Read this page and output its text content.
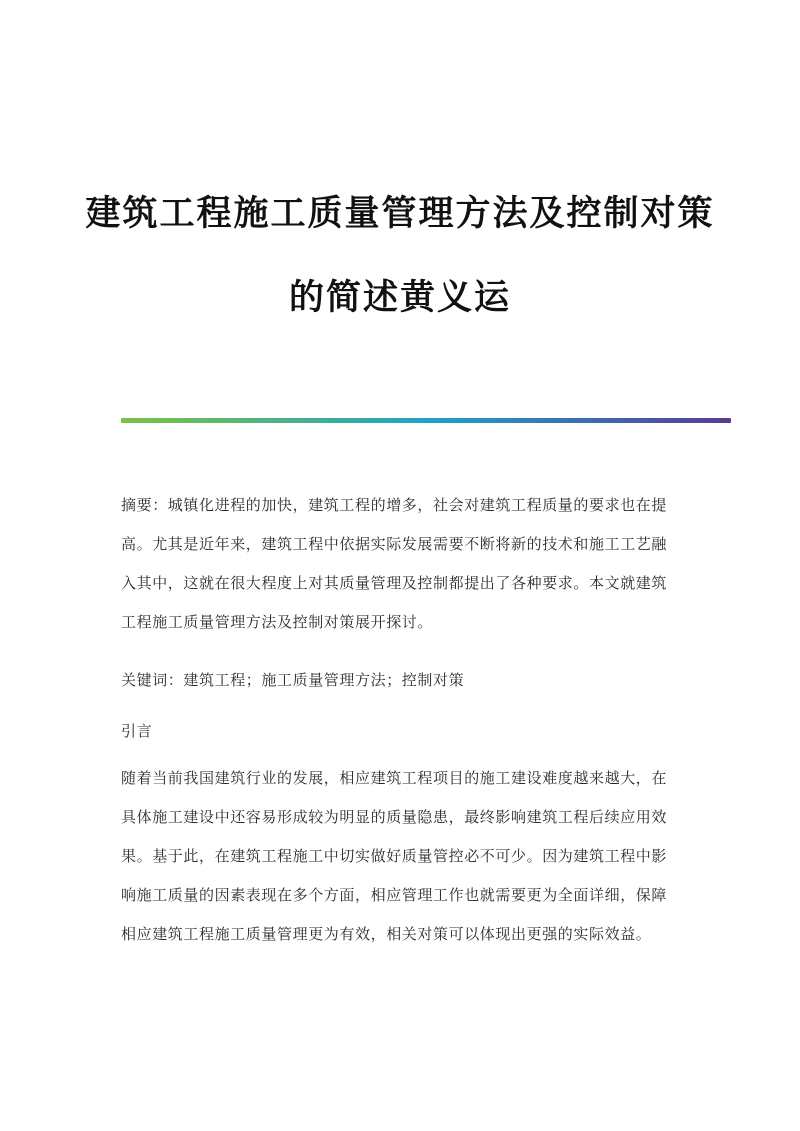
建筑工程施工质量管理方法及控制对策
的简述黄义运
摘要：城镇化进程的加快，建筑工程的增多，社会对建筑工程质量的要求也在提高。尤其是近年来，建筑工程中依据实际发展需要不断将新的技术和施工工艺融入其中，这就在很大程度上对其质量管理及控制都提出了各种要求。本文就建筑工程施工质量管理方法及控制对策展开探讨。
关键词：建筑工程；施工质量管理方法；控制对策
引言
随着当前我国建筑行业的发展，相应建筑工程项目的施工建设难度越来越大，在具体施工建设中还容易形成较为明显的质量隐患，最终影响建筑工程后续应用效果。基于此，在建筑工程施工中切实做好质量管控必不可少。因为建筑工程中影响施工质量的因素表现在多个方面，相应管理工作也就需要更为全面详细，保障相应建筑工程施工质量管理更为有效，相关对策可以体现出更强的实际效益。
